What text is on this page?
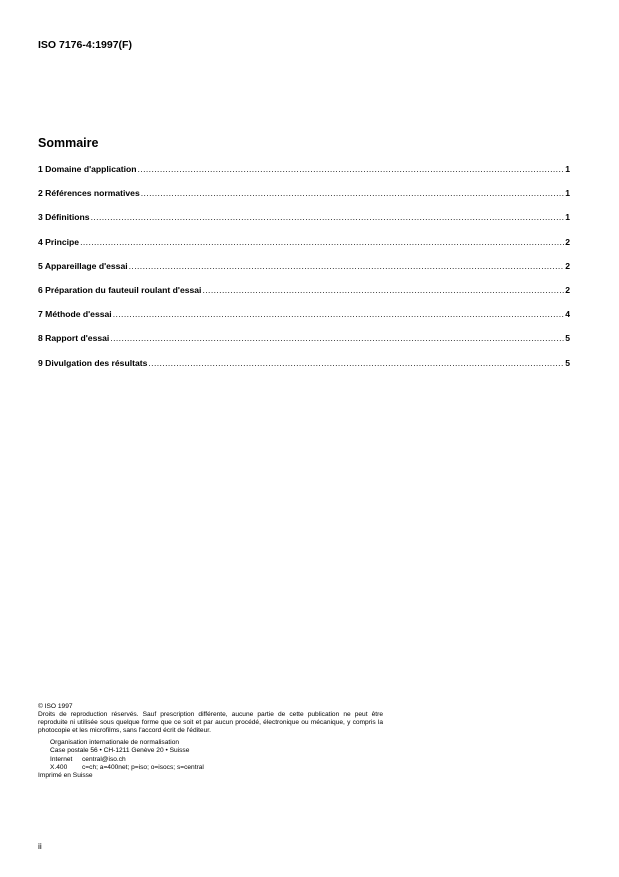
ISO 7176-4:1997(F)
Sommaire
1 Domaine d'application .....	1
2 Références normatives .....	1
3 Définitions .....	1
4 Principe .....	2
5 Appareillage d'essai .....	2
6 Préparation du fauteuil roulant d'essai .....	2
7 Méthode d'essai .....	4
8 Rapport d'essai .....	5
9 Divulgation des résultats .....	5

© ISO 1997

Droits de reproduction réservés. Sauf prescription différente, aucune partie de cette publication ne peut être reproduite ni utilisée sous quelque forme que ce soit et par aucun procédé, électronique ou mécanique, y compris la photocopie et les microfilms, sans l'accord écrit de l'éditeur.

Organisation internationale de normalisation

Case postale 56 • CH-1211 Genève 20 • Suisse

Internet	central@iso.ch
X.400	c=ch; a=400net; p=iso; o=isocs; s=central

Imprimé en Suisse

ii
